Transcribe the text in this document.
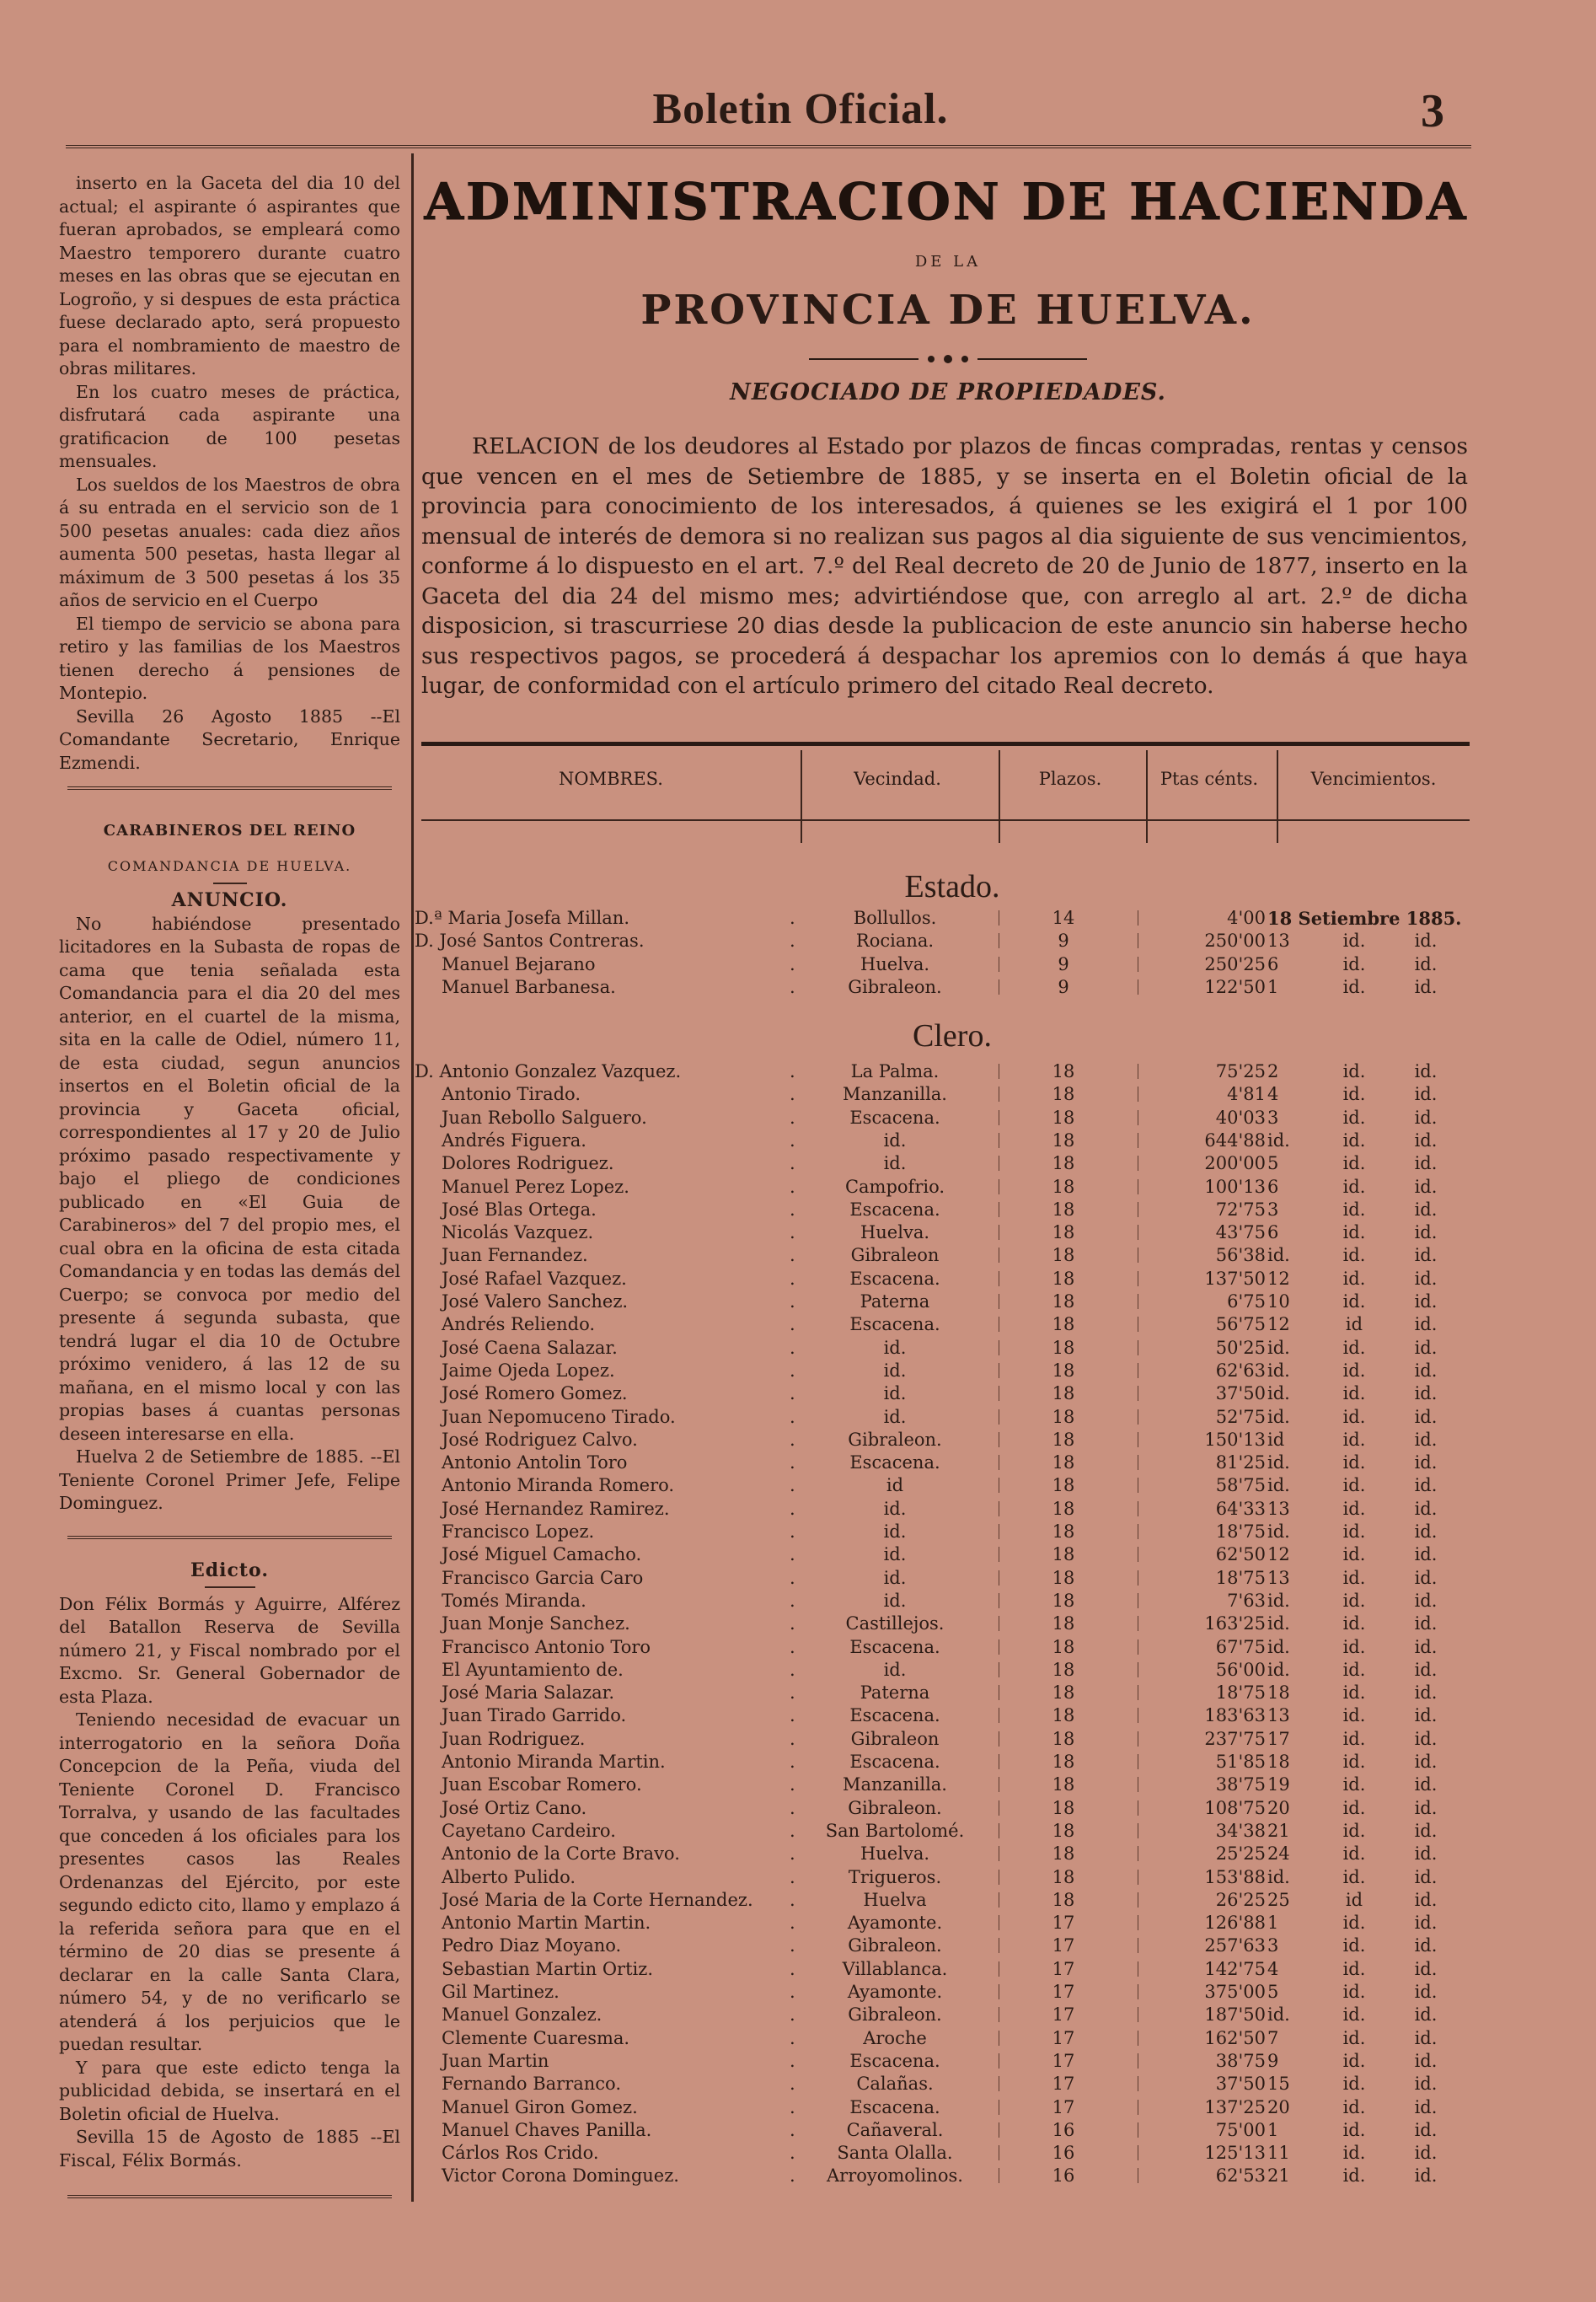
Boletin Oficial.	3

inserto en la Gaceta del dia 10 del actual; el aspirante ó aspirantes que fueran aprobados, se empleará como Maestro temporero durante cuatro meses en las obras que se ejecutan en Logroño, y si despues de esta práctica fuese declarado apto, será propuesto para el nombramiento de maestro de obras militares.

En los cuatro meses de práctica, disfrutará cada aspirante una gratificacion de 100 pesetas mensuales.

Los sueldos de los Maestros de obra á su entrada en el servicio son de 1 500 pesetas anuales: cada diez años aumenta 500 pesetas, hasta llegar al máximum de 3 500 pesetas á los 35 años de servicio en el Cuerpo

El tiempo de servicio se abona para retiro y las familias de los Maestros tienen derecho á pensiones de Montepio.

Sevilla 26 Agosto 1885 --El Comandante Secretario, Enrique Ezmendi.

CARABINEROS DEL REINO
COMANDANCIA DE HUELVA.
ANUNCIO.

No habiéndose presentado licitadores en la Subasta de ropas de cama que tenia señalada esta Comandancia para el dia 20 del mes anterior, en el cuartel de la misma, sita en la calle de Odiel, número 11, de esta ciudad, segun anuncios insertos en el Boletin oficial de la provincia y Gaceta oficial, correspondientes al 17 y 20 de Julio próximo pasado respectivamente y bajo el pliego de condiciones publicado en «El Guia de Carabineros» del 7 del propio mes, el cual obra en la oficina de esta citada Comandancia y en todas las demás del Cuerpo; se convoca por medio del presente á segunda subasta, que tendrá lugar el dia 10 de Octubre próximo venidero, á las 12 de su mañana, en el mismo local y con las propias bases á cuantas personas deseen interesarse en ella.

Huelva 2 de Setiembre de 1885. --El Teniente Coronel Primer Jefe, Felipe Dominguez.

Edicto.

Don Félix Bormás y Aguirre, Alférez del Batallon Reserva de Sevilla número 21, y Fiscal nombrado por el Excmo. Sr. General Gobernador de esta Plaza.

Teniendo necesidad de evacuar un interrogatorio en la señora Doña Concepcion de la Peña, viuda del Teniente Coronel D. Francisco Torralva, y usando de las facultades que conceden á los oficiales para los presentes casos las Reales Ordenanzas del Ejército, por este segundo edicto cito, llamo y emplazo á la referida señora para que en el término de 20 dias se presente á declarar en la calle Santa Clara, número 54, y de no verificarlo se atenderá á los perjuicios que le puedan resultar.

Y para que este edicto tenga la publicidad debida, se insertará en el Boletin oficial de Huelva.

Sevilla 15 de Agosto de 1885 --El Fiscal, Félix Bormás.

ADMINISTRACION DE HACIENDA
DE LA
PROVINCIA DE HUELVA.
NEGOCIADO DE PROPIEDADES.

RELACION de los deudores al Estado por plazos de fincas compradas, rentas y censos que vencen en el mes de Setiembre de 1885, y se inserta en el Boletin oficial de la provincia para conocimiento de los interesados, á quienes se les exigirá el 1 por 100 mensual de interés de demora si no realizan sus pagos al dia siguiente de sus vencimientos, conforme á lo dispuesto en el art. 7.º del Real decreto de 20 de Junio de 1877, inserto en la Gaceta del dia 24 del mismo mes; advirtiéndose que, con arreglo al art. 2.º de dicha disposicion, si trascurriese 20 dias desde la publicacion de este anuncio sin haberse hecho sus respectivos pagos, se procederá á despachar los apremios con lo demás á que haya lugar, de conformidad con el artículo primero del citado Real decreto.

NOMBRES.	Vecindad.	Plazos.	Ptas cénts.	Vencimientos.
Estado.
D.ª Maria Josefa Millan.	.	Bollullos.	14	4'00 18 Setiembre 1885.
D. José Santos Contreras.	.	Rociana.	9	250'00 13	id.	id.
Manuel Bejarano	.	Huelva.	9	250'25 6	id.	id.
Manuel Barbanesa.	.	Gibraleon.	9	122'50 1	id.	id.
Clero.
D. Antonio Gonzalez Vazquez.	.	La Palma.	18	75'25 2	id.	id.
Antonio Tirado.	.	Manzanilla.	18	4'81 4	id.	id.
Juan Rebollo Salguero.	.	Escacena.	18	40'03 3	id.	id.
Andrés Figuera.	.	id.	18	644'88 id.	id.	id.
Dolores Rodriguez.	.	id.	18	200'00 5	id.	id.
Manuel Perez Lopez.	.	Campofrio.	18	100'13 6	id.	id.
José Blas Ortega.	.	Escacena.	18	72'75 3	id.	id.
Nicolás Vazquez.	.	Huelva.	18	43'75 6	id.	id.
Juan Fernandez.	.	Gibraleon	18	56'38 id.	id.	id.
José Rafael Vazquez.	.	Escacena.	18	137'50 12	id.	id.
José Valero Sanchez.	.	Paterna	18	6'75 10	id.	id.
Andrés Reliendo.	.	Escacena.	18	56'75 12	id	id.
José Caena Salazar.	.	id.	18	50'25 id.	id.	id.
Jaime Ojeda Lopez.	.	id.	18	62'63 id.	id.	id.
José Romero Gomez.	.	id.	18	37'50 id.	id.	id.
Juan Nepomuceno Tirado.	.	id.	18	52'75 id.	id.	id.
José Rodriguez Calvo.	.	Gibraleon.	18	150'13 id	id.	id.
Antonio Antolin Toro	.	Escacena.	18	81'25 id.	id.	id.
Antonio Miranda Romero.	.	id	18	58'75 id.	id.	id.
José Hernandez Ramirez.	.	id.	18	64'33 13	id.	id.
Francisco Lopez.	.	id.	18	18'75 id.	id.	id.
José Miguel Camacho.	.	id.	18	62'50 12	id.	id.
Francisco Garcia Caro	.	id.	18	18'75 13	id.	id.
Tomés Miranda.	.	id.	18	7'63 id.	id.	id.
Juan Monje Sanchez.	.	Castillejos.	18	163'25 id.	id.	id.
Francisco Antonio Toro	.	Escacena.	18	67'75 id.	id.	id.
El Ayuntamiento de.	.	id.	18	56'00 id.	id.	id.
José Maria Salazar.	.	Paterna	18	18'75 18	id.	id.
Juan Tirado Garrido.	.	Escacena.	18	183'63 13	id.	id.
Juan Rodriguez.	.	Gibraleon	18	237'75 17	id.	id.
Antonio Miranda Martin.	.	Escacena.	18	51'85 18	id.	id.
Juan Escobar Romero.	.	Manzanilla.	18	38'75 19	id.	id.
José Ortiz Cano.	.	Gibraleon.	18	108'75 20	id.	id.
Cayetano Cardeiro.	.	San Bartolomé.	18	34'38 21	id.	id.
Antonio de la Corte Bravo.	.	Huelva.	18	25'25 24	id.	id.
Alberto Pulido.	.	Trigueros.	18	153'88 id.	id.	id.
José Maria de la Corte Hernandez.	.	Huelva	18	26'25 25	id	id.
Antonio Martin Martin.	.	Ayamonte.	17	126'88 1	id.	id.
Pedro Diaz Moyano.	.	Gibraleon.	17	257'63 3	id.	id.
Sebastian Martin Ortiz.	.	Villablanca.	17	142'75 4	id.	id.
Gil Martinez.	.	Ayamonte.	17	375'00 5	id.	id.
Manuel Gonzalez.	.	Gibraleon.	17	187'50 id.	id.	id.
Clemente Cuaresma.	.	Aroche	17	162'50 7	id.	id.
Juan Martin	.	Escacena.	17	38'75 9	id.	id.
Fernando Barranco.	.	Calañas.	17	37'50 15	id.	id.
Manuel Giron Gomez.	.	Escacena.	17	137'25 20	id.	id.
Manuel Chaves Panilla.	.	Cañaveral.	16	75'00 1	id.	id.
Cárlos Ros Crido.	.	Santa Olalla.	16	125'13 11	id.	id.
Victor Corona Dominguez.	.	Arroyomolinos.	16	62'53 21	id.	id.
